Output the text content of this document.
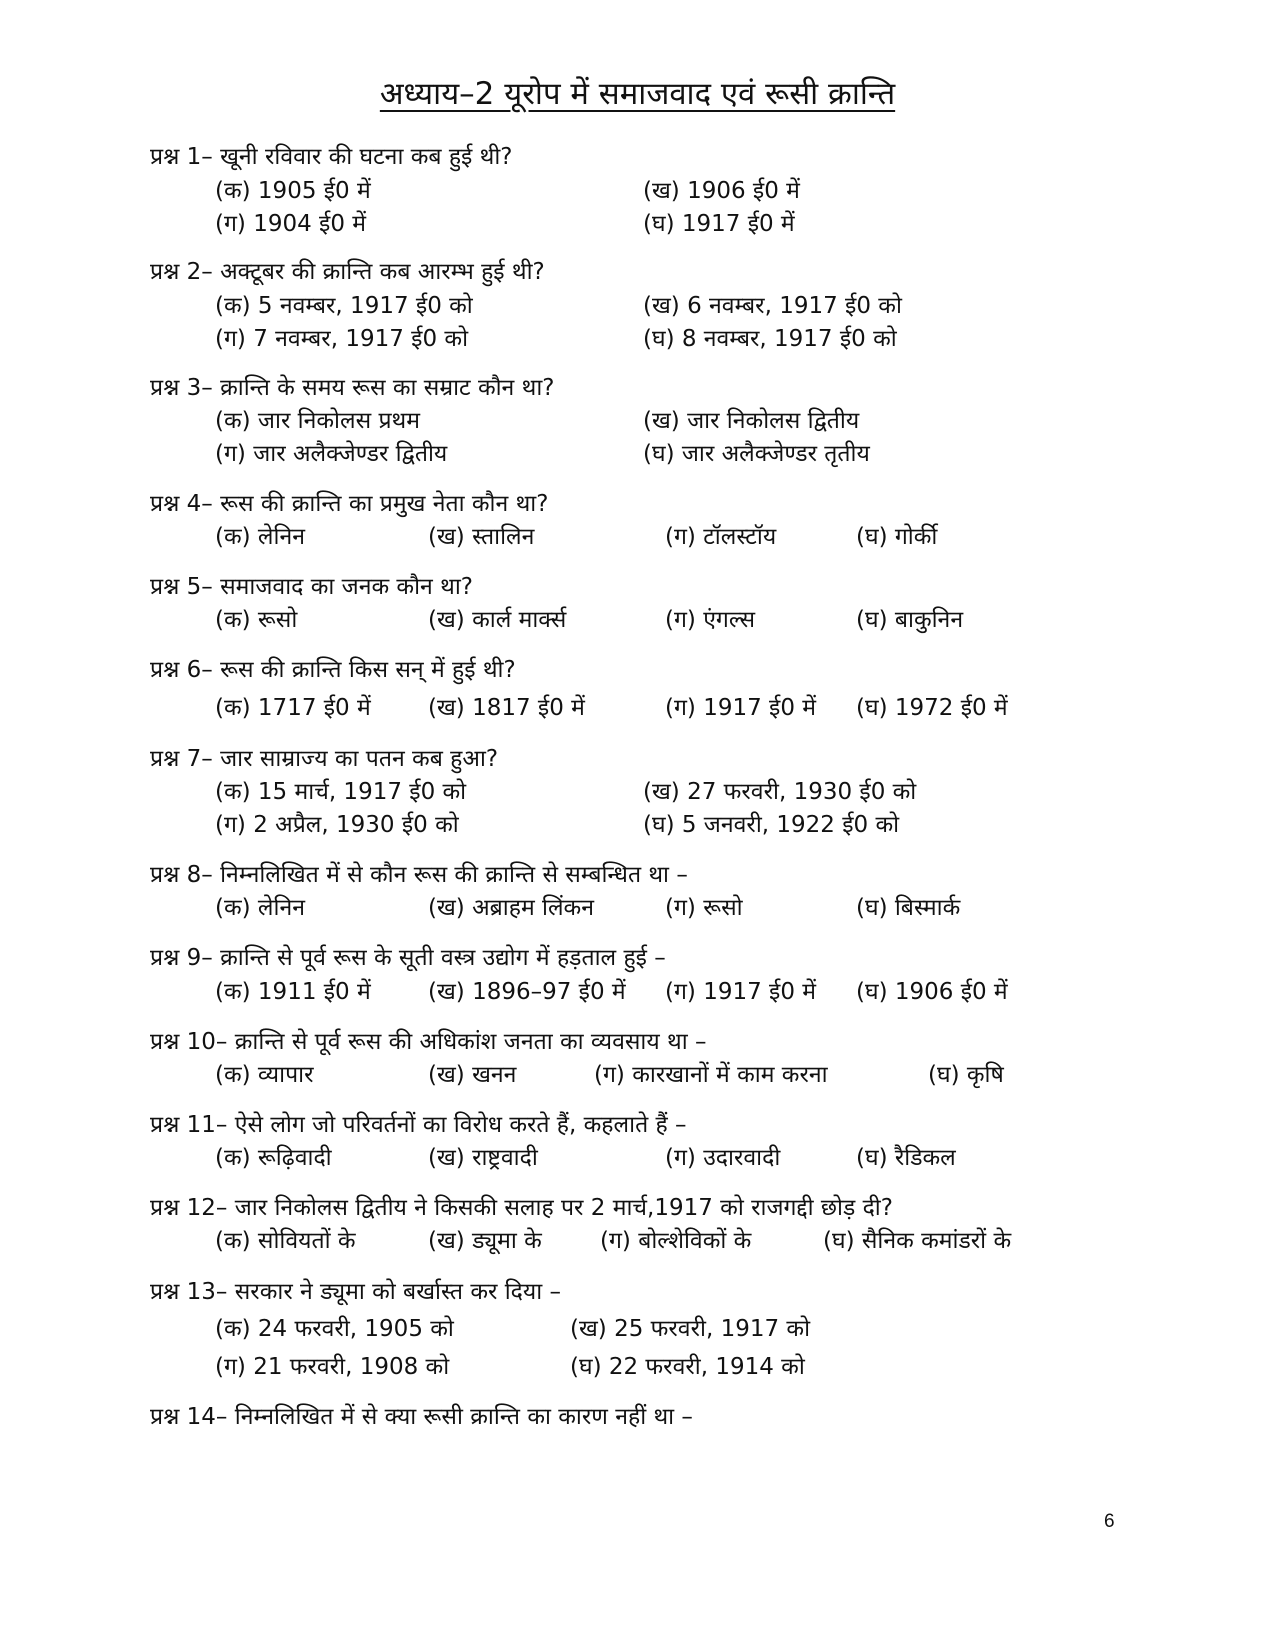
अध्याय–2 यूरोप में समाजवाद एवं रूसी क्रान्ति
प्रश्न 1– खूनी रविवार की घटना कब हुई थी?
(क) 1905 ई0 में	(ख) 1906 ई0 में
(ग) 1904 ई0 में	(घ) 1917 ई0 में
प्रश्न 2– अक्टूबर की क्रान्ति कब आरम्भ हुई थी?
(क) 5 नवम्बर, 1917 ई0 को	(ख) 6 नवम्बर, 1917 ई0 को
(ग) 7 नवम्बर, 1917 ई0 को	(घ) 8 नवम्बर, 1917 ई0 को
प्रश्न 3– क्रान्ति के समय रूस का सम्राट कौन था?
(क) जार निकोलस प्रथम	(ख) जार निकोलस द्वितीय
(ग) जार अलैक्जेण्डर द्वितीय	(घ) जार अलैक्जेण्डर तृतीय
प्रश्न 4– रूस की क्रान्ति का प्रमुख नेता कौन था?
(क) लेनिन	(ख) स्तालिन	(ग) टॉलस्टॉय	(घ) गोर्की
प्रश्न 5– समाजवाद का जनक कौन था?
(क) रूसो	(ख) कार्ल मार्क्स	(ग) एंगल्स	(घ) बाकुनिन
प्रश्न 6– रूस की क्रान्ति किस सन् में हुई थी?
(क) 1717 ई0 में (ख) 1817 ई0 में	(ग) 1917 ई0 में (घ) 1972 ई0 में
प्रश्न 7– जार साम्राज्य का पतन कब हुआ?
(क) 15 मार्च, 1917 ई0 को	(ख) 27 फरवरी, 1930 ई0 को
(ग) 2 अप्रैल, 1930 ई0 को	(घ) 5 जनवरी, 1922 ई0 को
प्रश्न 8– निम्नलिखित में से कौन रूस की क्रान्ति से सम्बन्धित था –
(क) लेनिन	(ख) अब्राहम लिंकन	(ग) रूसो	(घ) बिस्मार्क
प्रश्न 9– क्रान्ति से पूर्व रूस के सूती वस्त्र उद्योग में हड़ताल हुई –
(क) 1911 ई0 में (ख) 1896–97 ई0 में (ग) 1917 ई0 में (घ) 1906 ई0 में
प्रश्न 10– क्रान्ति से पूर्व रूस की अधिकांश जनता का व्यवसाय था –
(क) व्यापार	(ख) खनन	(ग) कारखानों में काम करना	(घ) कृषि
प्रश्न 11– ऐसे लोग जो परिवर्तनों का विरोध करते हैं, कहलाते हैं –
(क) रूढ़िवादी	(ख) राष्ट्रवादी	(ग) उदारवादी	(घ) रैडिकल
प्रश्न 12– जार निकोलस द्वितीय ने किसकी सलाह पर 2 मार्च,1917 को राजगद्दी छोड़ दी?
(क) सोवियतों के	(ख) ड्यूमा के	(ग) बोल्शेविकों के	(घ) सैनिक कमांडरों के
प्रश्न 13– सरकार ने ड्यूमा को बर्खास्त कर दिया –
(क) 24 फरवरी, 1905 को	(ख) 25 फरवरी, 1917 को
(ग) 21 फरवरी, 1908 को	(घ) 22 फरवरी, 1914 को
प्रश्न 14– निम्नलिखित में से क्या रूसी क्रान्ति का कारण नहीं था –
6
